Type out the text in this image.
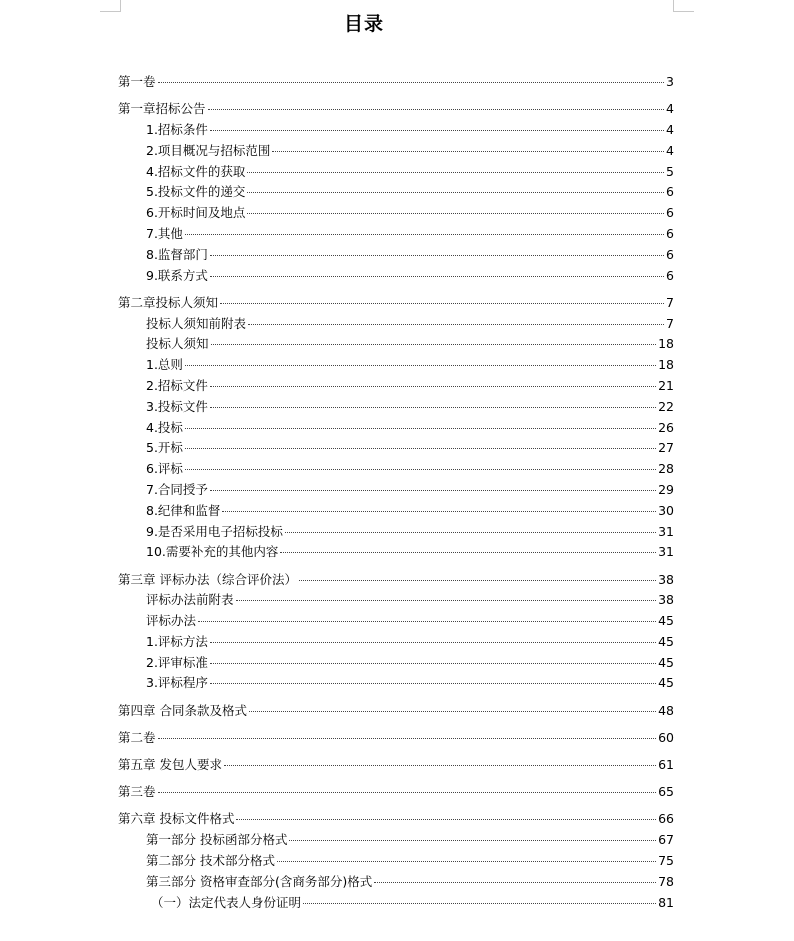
目录
第一卷	3
第一章招标公告	4
1.招标条件	4
2.项目概况与招标范围	4
4.招标文件的获取	5
5.投标文件的递交	6
6.开标时间及地点	6
7.其他	6
8.监督部门	6
9.联系方式	6
第二章投标人须知	7
投标人须知前附表	7
投标人须知	18
1.总则	18
2.招标文件	21
3.投标文件	22
4.投标	26
5.开标	27
6.评标	28
7.合同授予	29
8.纪律和监督	30
9.是否采用电子招标投标	31
10.需要补充的其他内容	31
第三章 评标办法（综合评价法）	38
评标办法前附表	38
评标办法	45
1.评标方法	45
2.评审标准	45
3.评标程序	45
第四章 合同条款及格式	48
第二卷	60
第五章 发包人要求	61
第三卷	65
第六章 投标文件格式	66
第一部分 投标函部分格式	67
第二部分 技术部分格式	75
第三部分 资格审查部分(含商务部分)格式	78
（一）法定代表人身份证明	81
